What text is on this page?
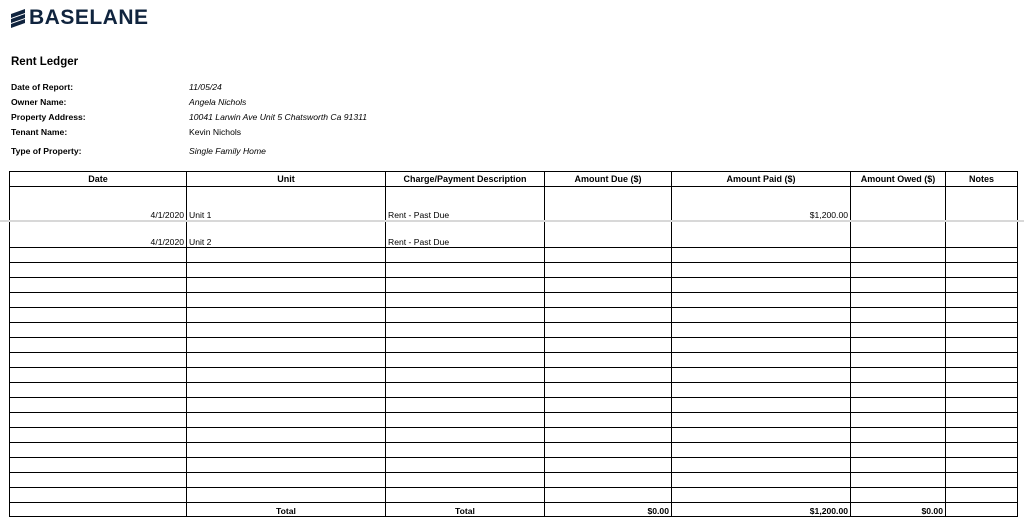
BASELANE
Rent Ledger
Date of Report:	11/05/24
Owner Name:	Angela Nichols
Property Address:	10041 Larwin Ave Unit 5 Chatsworth Ca 91311
Tenant Name:	Kevin Nichols
Type of Property:	Single Family Home
Date	Unit	Charge/Payment Description	Amount Due ($)	Amount Paid ($)	Amount Owed ($)	Notes
4/1/2020	Unit 1	Rent - Past Due		$1,200.00		
4/1/2020	Unit 2	Rent - Past Due				

	Total	Total	$0.00	$1,200.00	$0.00	
